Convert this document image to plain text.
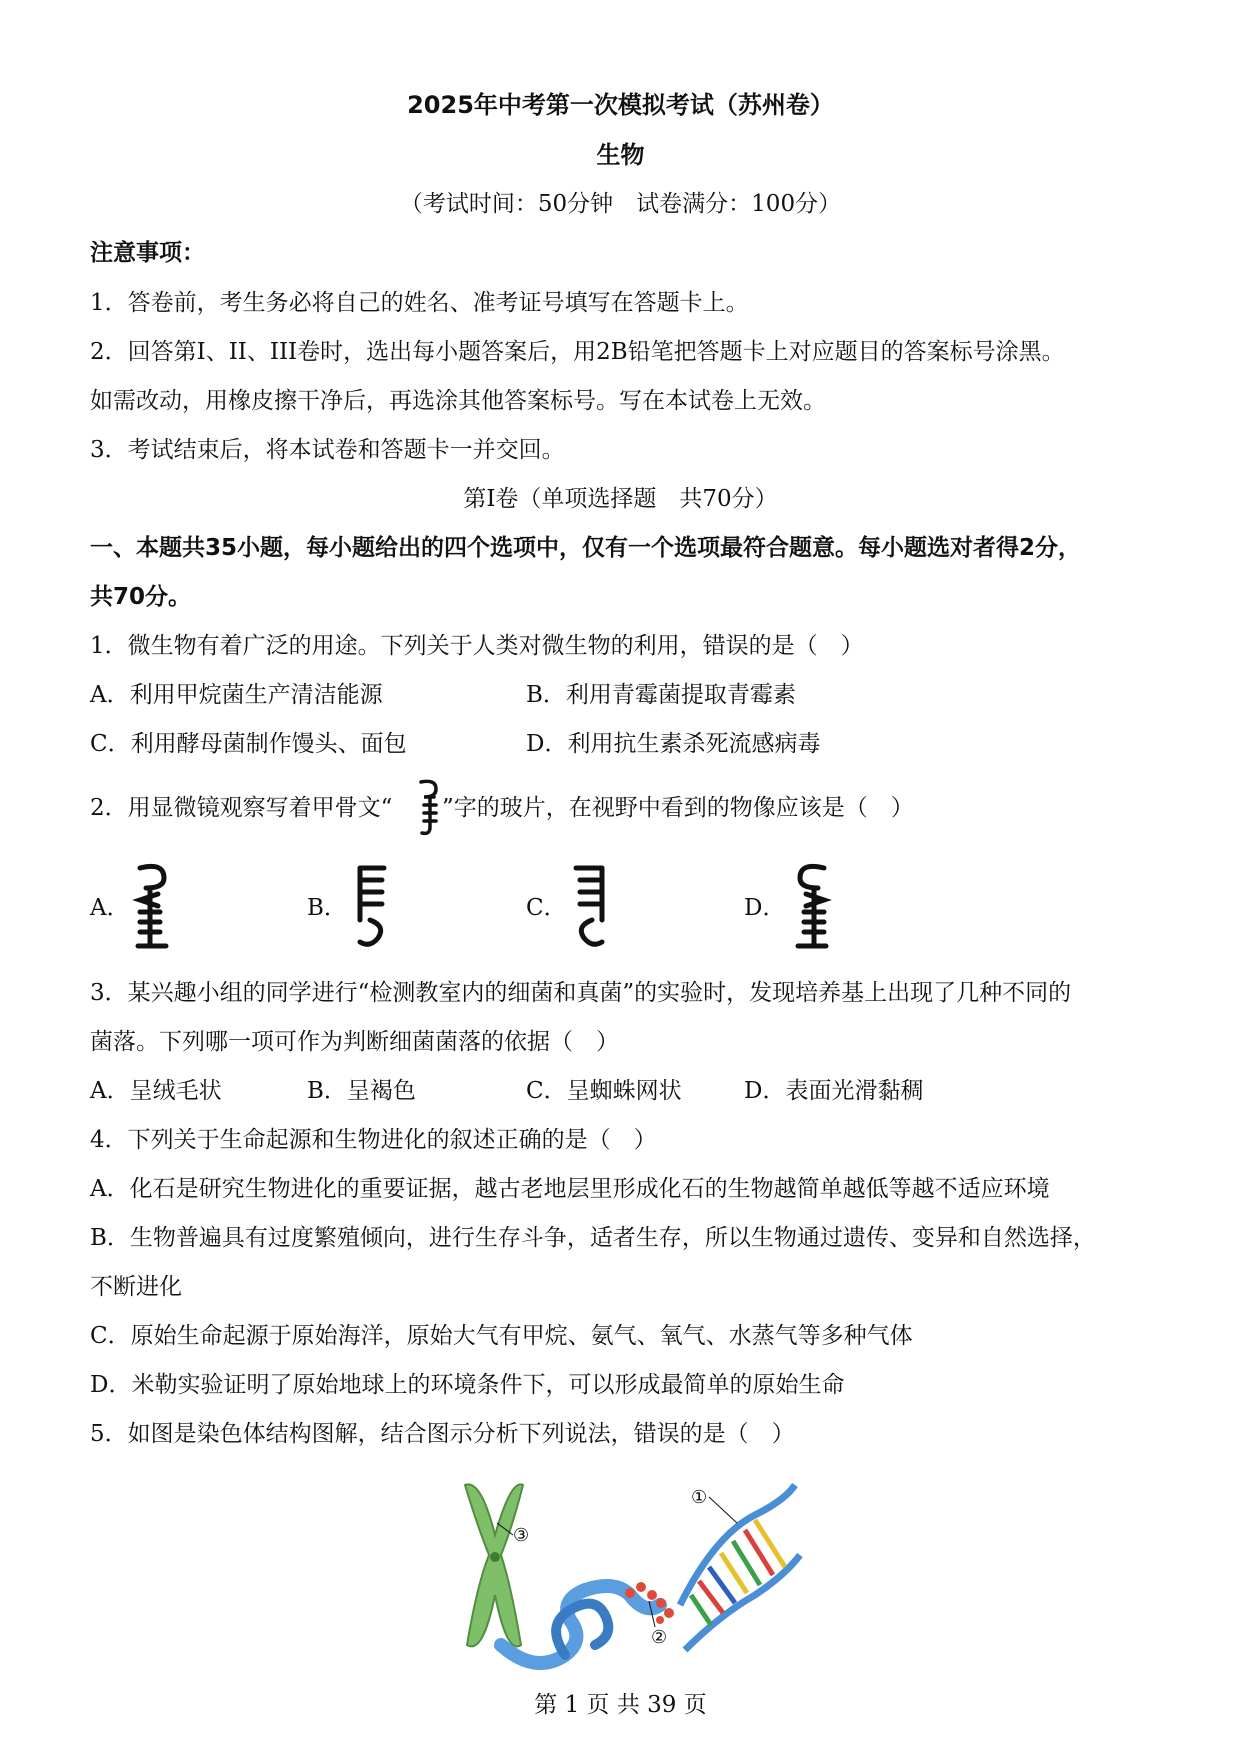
2025年中考第一次模拟考试（苏州卷）
生物
（考试时间：50分钟　试卷满分：100分）
注意事项：
1．答卷前，考生务必将自己的姓名、准考证号填写在答题卡上。
2．回答第I、II、III卷时，选出每小题答案后，用2B铅笔把答题卡上对应题目的答案标号涂黑。
如需改动，用橡皮擦干净后，再选涂其他答案标号。写在本试卷上无效。
3．考试结束后，将本试卷和答题卡一并交回。
第I卷（单项选择题　共70分）
一、本题共35小题，每小题给出的四个选项中，仅有一个选项最符合题意。每小题选对者得2分，
共70分。
1．微生物有着广泛的用途。下列关于人类对微生物的利用，错误的是（　）
A．利用甲烷菌生产清洁能源	B．利用青霉菌提取青霉素
C．利用酵母菌制作馒头、面包	D．利用抗生素杀死流感病毒
2．用显微镜观察写着甲骨文“ ”字的玻片，在视野中看到的物像应该是（　）
A．	B．	C．	D．
3．某兴趣小组的同学进行“检测教室内的细菌和真菌”的实验时，发现培养基上出现了几种不同的
菌落。下列哪一项可作为判断细菌菌落的依据（　）
A．呈绒毛状	B．呈褐色	C．呈蜘蛛网状	D．表面光滑黏稠
4．下列关于生命起源和生物进化的叙述正确的是（　）
A．化石是研究生物进化的重要证据，越古老地层里形成化石的生物越简单越低等越不适应环境
B．生物普遍具有过度繁殖倾向，进行生存斗争，适者生存，所以生物通过遗传、变异和自然选择，
不断进化
C．原始生命起源于原始海洋，原始大气有甲烷、氨气、氧气、水蒸气等多种气体
D．米勒实验证明了原始地球上的环境条件下，可以形成最简单的原始生命
5．如图是染色体结构图解，结合图示分析下列说法，错误的是（　）
①
②
③
第 1 页 共 39 页
